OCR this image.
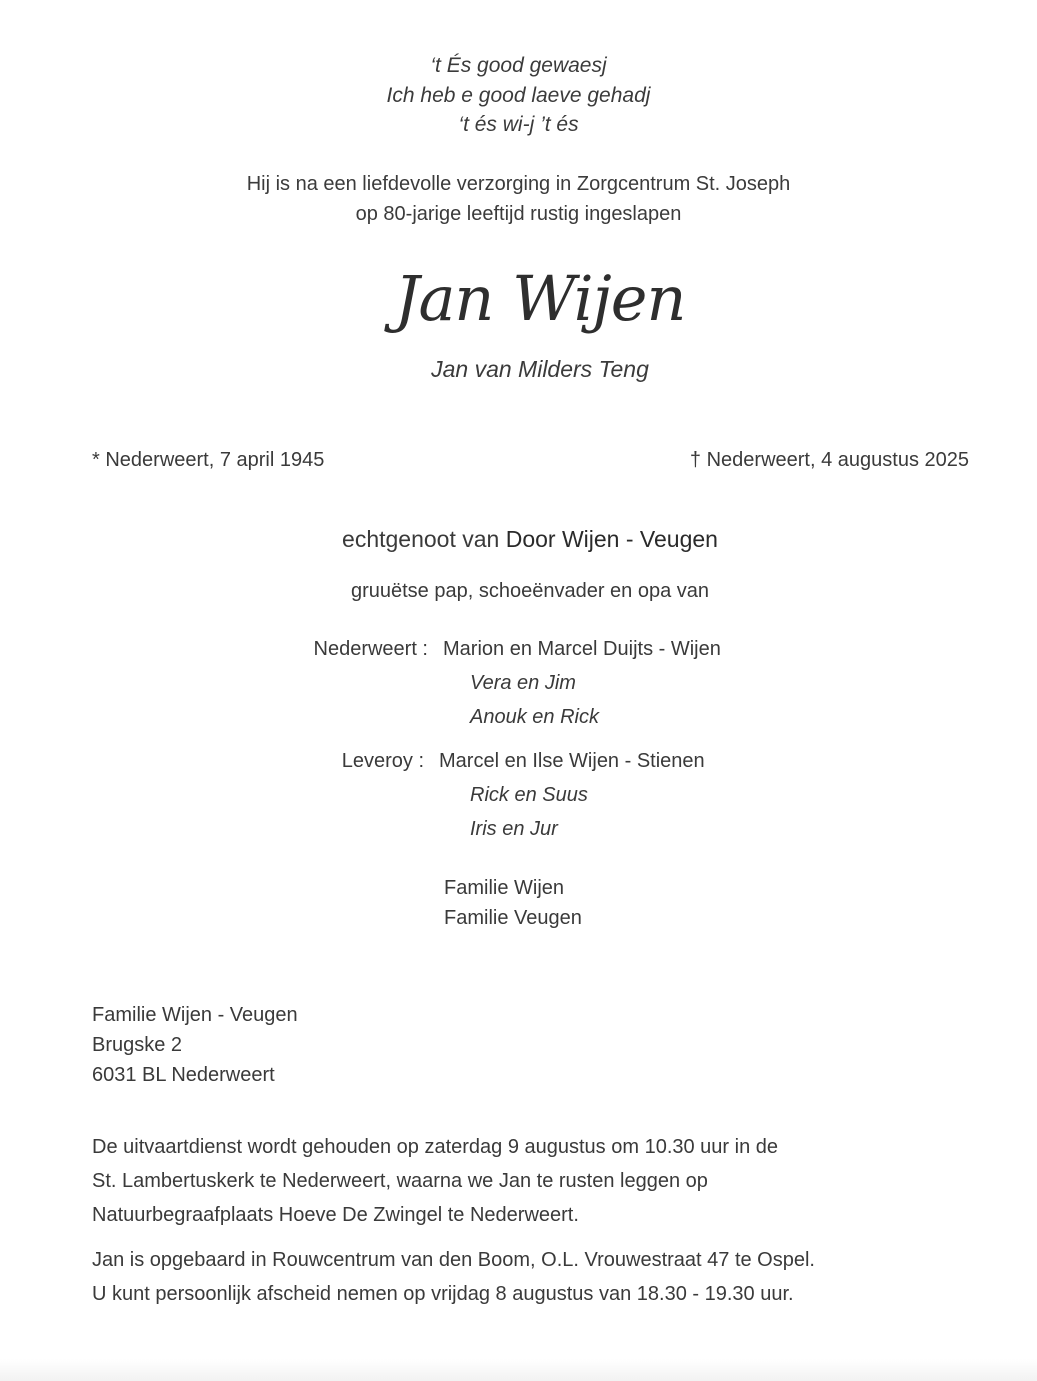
‘t És good gewaesj
Ich heb e good laeve gehadj
‘t és wi-j ’t és
Hij is na een liefdevolle verzorging in Zorgcentrum St. Joseph
op 80-jarige leeftijd rustig ingeslapen
Jan Wijen
Jan van Milders Teng
* Nederweert, 7 april 1945	† Nederweert, 4 augustus 2025
echtgenoot van Door Wijen - Veugen
gruuëtse pap, schoeënvader en opa van
Nederweert : Marion en Marcel Duijts - Wijen
Vera en Jim
Anouk en Rick
Leveroy : Marcel en Ilse Wijen - Stienen
Rick en Suus
Iris en Jur
Familie Wijen
Familie Veugen
Familie Wijen - Veugen
Brugske 2
6031 BL Nederweert
De uitvaartdienst wordt gehouden op zaterdag 9 augustus om 10.30 uur in de
St. Lambertuskerk te Nederweert, waarna we Jan te rusten leggen op
Natuurbegraafplaats Hoeve De Zwingel te Nederweert.
Jan is opgebaard in Rouwcentrum van den Boom, O.L. Vrouwestraat 47 te Ospel.
U kunt persoonlijk afscheid nemen op vrijdag 8 augustus van 18.30 - 19.30 uur.
